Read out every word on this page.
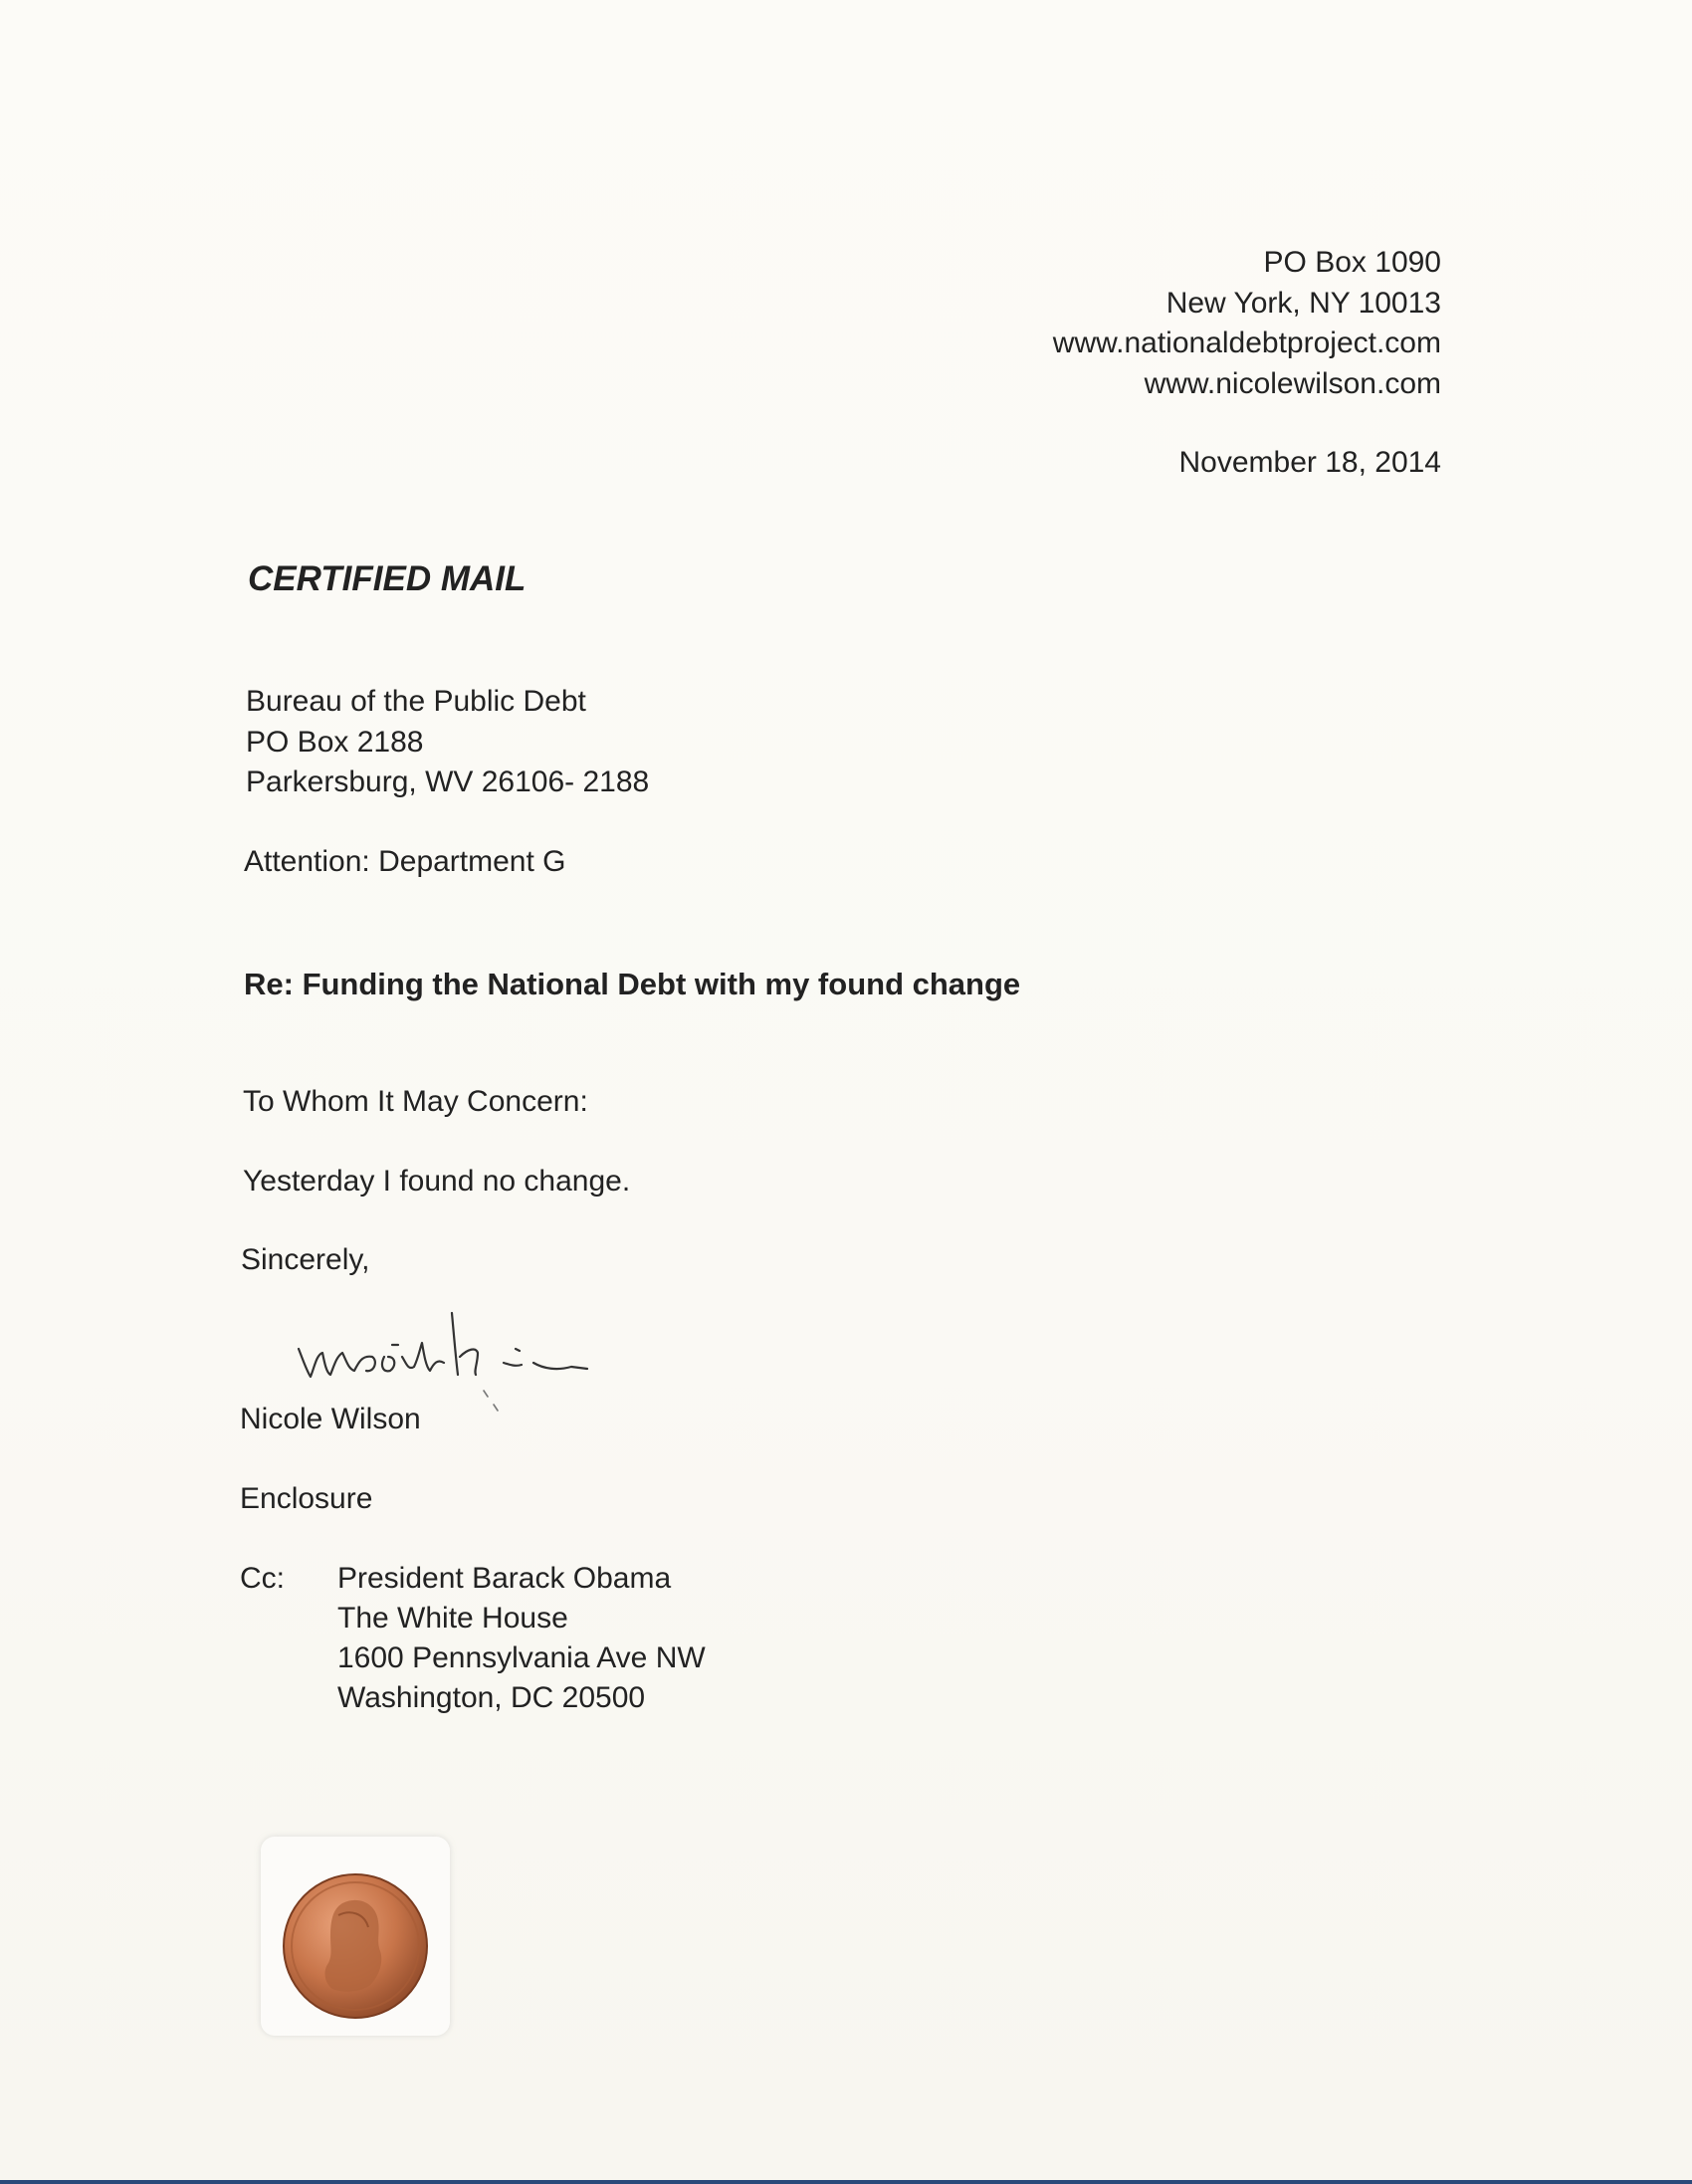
PO Box 1090
New York, NY 10013
www.nationaldebtproject.com
www.nicolewilson.com
November 18, 2014
CERTIFIED MAIL
Bureau of the Public Debt
PO Box 2188
Parkersburg, WV 26106- 2188
Attention: Department G
Re: Funding the National Debt with my found change
To Whom It May Concern:
Yesterday I found no change.
Sincerely,
Nicole Wilson
Enclosure
Cc: President Barack Obama
The White House
1600 Pennsylvania Ave NW
Washington, DC 20500
